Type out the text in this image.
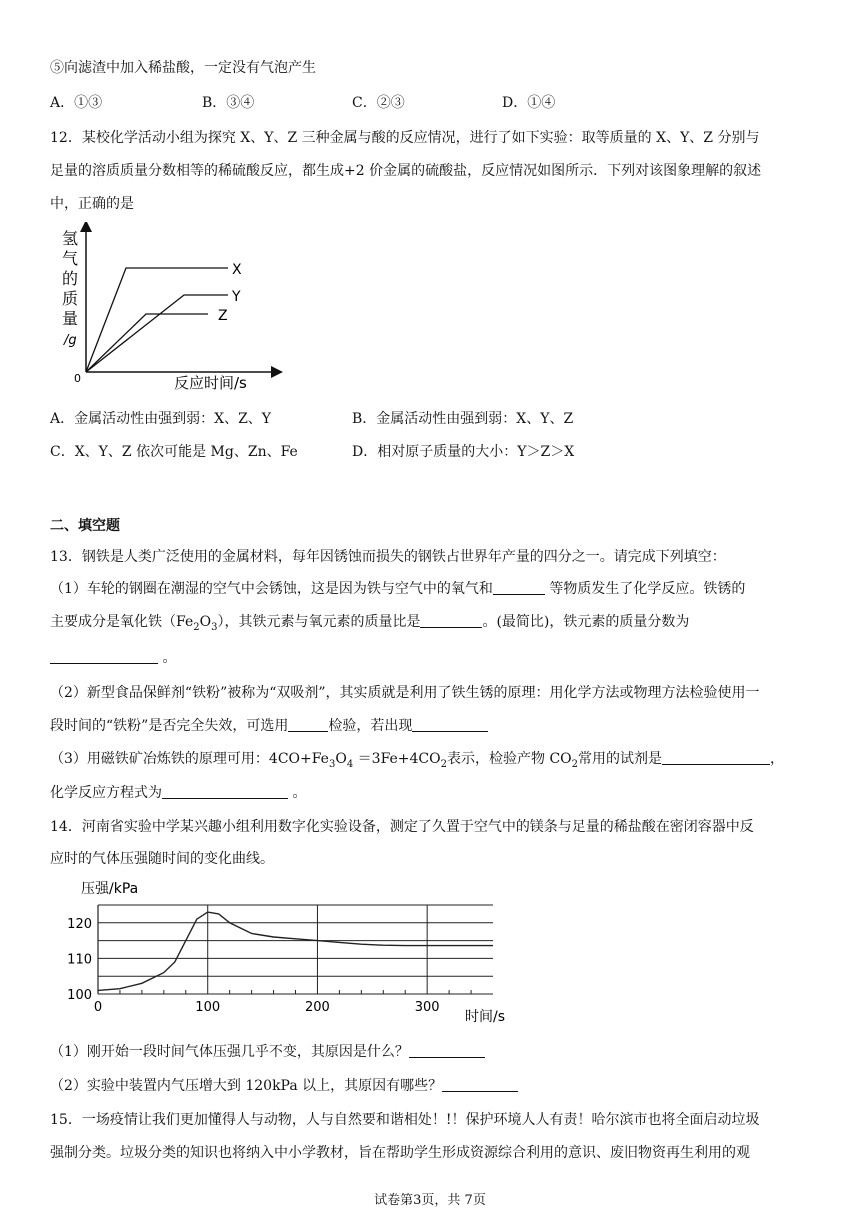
⑤向滤渣中加入稀盐酸，一定没有气泡产生
A．①③	B．③④	C．②③	D．①④
12．某校化学活动小组为探究 X、Y、Z 三种金属与酸的反应情况，进行了如下实验：取等质量的 X、Y、Z 分别与
足量的溶质质量分数相等的稀硫酸反应，都生成+2 价金属的硫酸盐，反应情况如图所示．下列对该图象理解的叙述
中，正确的是
氢
气
的
质
量
/g
0	反应时间/s
X
Y
Z
A．金属活动性由强到弱：X、Z、Y	B．金属活动性由强到弱：X、Y、Z
C．X、Y、Z 依次可能是 Mg、Zn、Fe	D．相对原子质量的大小：Y＞Z＞X
二、填空题
13．钢铁是人类广泛使用的金属材料，每年因锈蚀而损失的钢铁占世界年产量的四分之一。请完成下列填空：
（1）车轮的钢圈在潮湿的空气中会锈蚀，这是因为铁与空气中的氧气和	等物质发生了化学反应。铁锈的
主要成分是氧化铁$(Fe_2O_3)$，其铁元素与氧元素的质量比是	。(最简比)，铁元素的质量分数为
。
（2）新型食品保鲜剂“铁粉”被称为“双吸剂”，其实质就是利用了铁生锈的原理：用化学方法或物理方法检验使用一
段时间的“铁粉”是否完全失效，可选用	检验，若出现
（3）用磁铁矿冶炼铁的原理可用：$4CO+Fe_3O_4 =3Fe+4CO_2$表示，检验产物 $CO_2$常用的试剂是	，
化学反应方程式为	。
14．河南省实验中学某兴趣小组利用数字化实验设备，测定了久置于空气中的镁条与足量的稀盐酸在密闭容器中反
应时的气体压强随时间的变化曲线。
压强/kPa
时间/s
0	100	200	300
100
110
120
（1）刚开始一段时间气体压强几乎不变，其原因是什么？
（2）实验中装置内气压增大到 120kPa 以上，其原因有哪些？
15．一场疫情让我们更加懂得人与动物，人与自然要和谐相处！!！保护环境人人有责！哈尔滨市也将全面启动垃圾
强制分类。垃圾分类的知识也将纳入中小学教材，旨在帮助学生形成资源综合利用的意识、废旧物资再生利用的观
试卷第3页，共 7页
